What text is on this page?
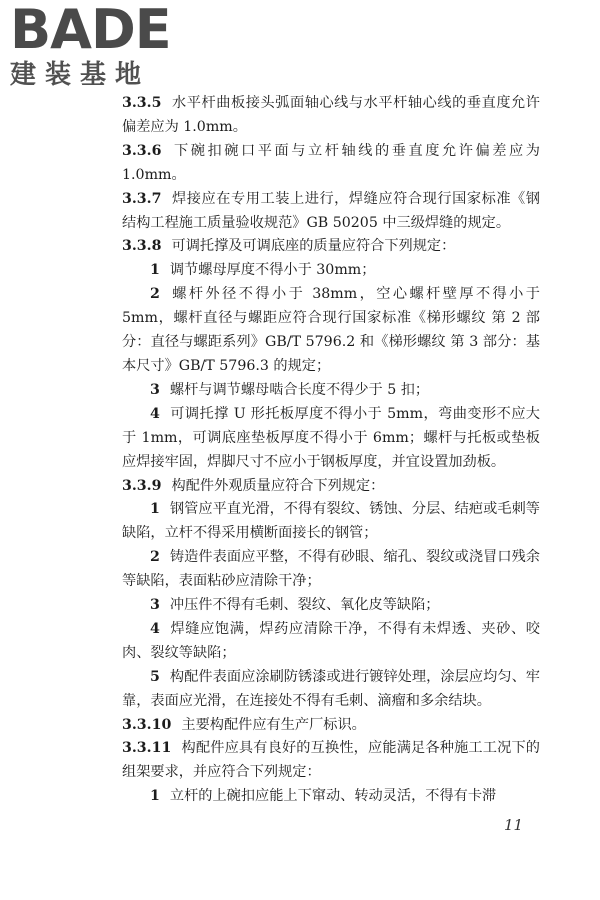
BADE
建装基地

3.3.5 水平杆曲板接头弧面轴心线与水平杆轴心线的垂直度允许偏差应为 1.0mm。

3.3.6 下碗扣碗口平面与立杆轴线的垂直度允许偏差应为 1.0mm。

3.3.7 焊接应在专用工装上进行，焊缝应符合现行国家标准《钢结构工程施工质量验收规范》GB 50205 中三级焊缝的规定。

3.3.8 可调托撑及可调底座的质量应符合下列规定：

1 调节螺母厚度不得小于 30mm；

2 螺杆外径不得小于 38mm，空心螺杆壁厚不得小于 5mm，螺杆直径与螺距应符合现行国家标准《梯形螺纹 第 2 部分：直径与螺距系列》GB/T 5796.2 和《梯形螺纹 第 3 部分：基本尺寸》GB/T 5796.3 的规定；

3 螺杆与调节螺母啮合长度不得少于 5 扣；

4 可调托撑 U 形托板厚度不得小于 5mm，弯曲变形不应大于 1mm，可调底座垫板厚度不得小于 6mm；螺杆与托板或垫板应焊接牢固，焊脚尺寸不应小于钢板厚度，并宜设置加劲板。

3.3.9 构配件外观质量应符合下列规定：

1 钢管应平直光滑，不得有裂纹、锈蚀、分层、结疤或毛刺等缺陷，立杆不得采用横断面接长的钢管；

2 铸造件表面应平整，不得有砂眼、缩孔、裂纹或浇冒口残余等缺陷，表面粘砂应清除干净；

3 冲压件不得有毛刺、裂纹、氧化皮等缺陷；

4 焊缝应饱满，焊药应清除干净，不得有未焊透、夹砂、咬肉、裂纹等缺陷；

5 构配件表面应涂刷防锈漆或进行镀锌处理，涂层应均匀、牢靠，表面应光滑，在连接处不得有毛刺、滴瘤和多余结块。

3.3.10 主要构配件应有生产厂标识。

3.3.11 构配件应具有良好的互换性，应能满足各种施工工况下的组架要求，并应符合下列规定：

1 立杆的上碗扣应能上下窜动、转动灵活，不得有卡滞

11
